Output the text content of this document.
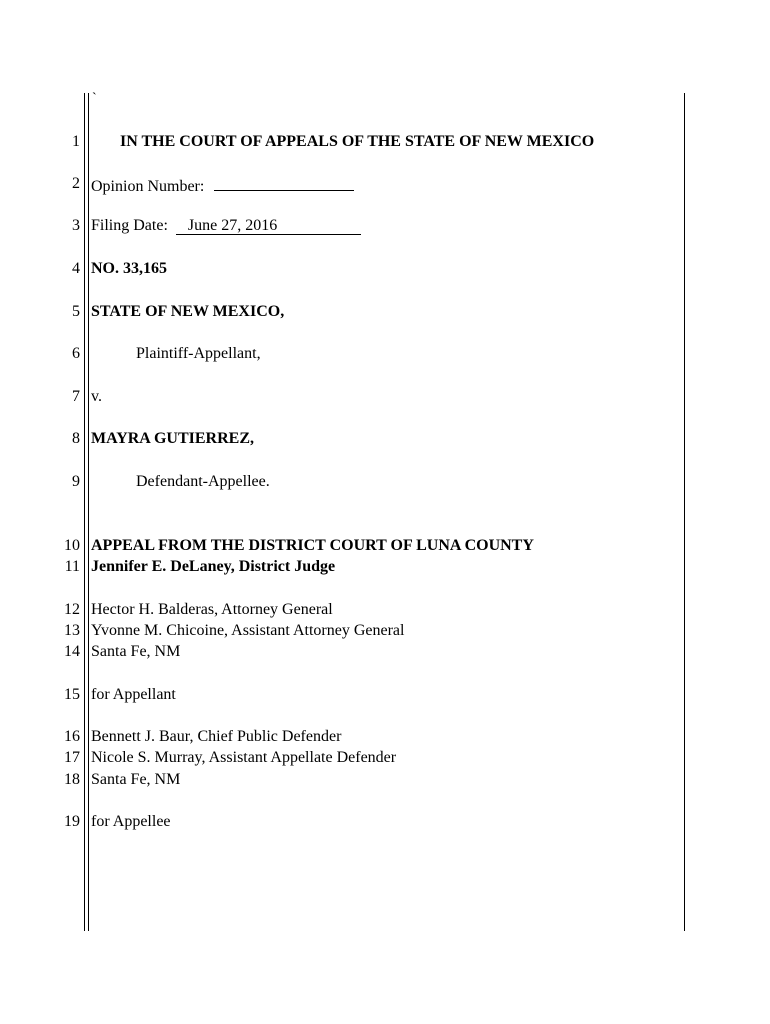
`
1
2
3
4
5
6
7
8
9
10
11
12
13
14
15
16
17
18
19
IN THE COURT OF APPEALS OF THE STATE OF NEW MEXICO
Opinion Number:
Filing Date: June 27, 2016
NO. 33,165
STATE OF NEW MEXICO,
Plaintiff-Appellant,
v.
MAYRA GUTIERREZ,
Defendant-Appellee.
APPEAL FROM THE DISTRICT COURT OF LUNA COUNTY
Jennifer E. DeLaney, District Judge
Hector H. Balderas, Attorney General
Yvonne M. Chicoine, Assistant Attorney General
Santa Fe, NM
for Appellant
Bennett J. Baur, Chief Public Defender
Nicole S. Murray, Assistant Appellate Defender
Santa Fe, NM
for Appellee
